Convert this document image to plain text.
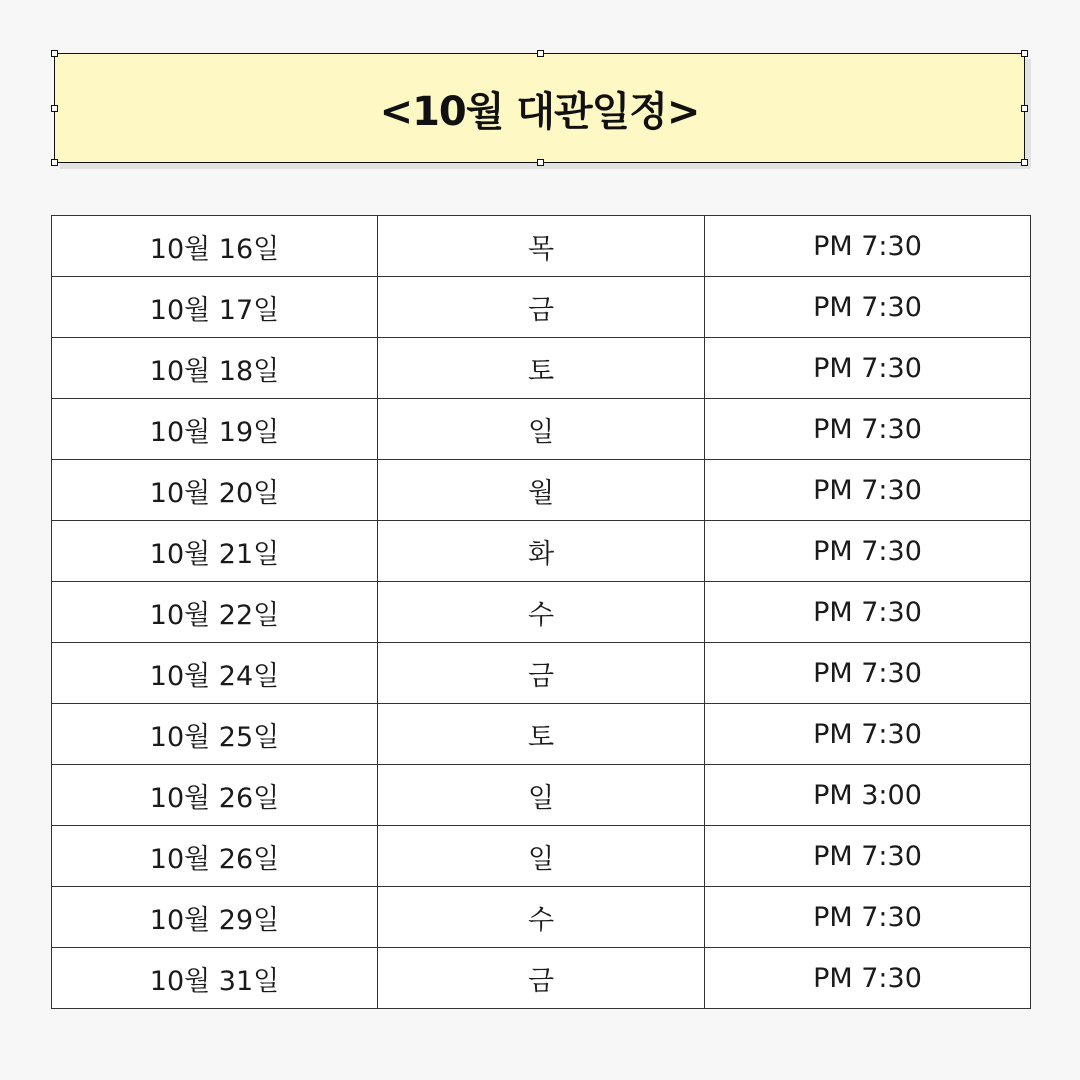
<10월 대관일정>
10월 16일	목	PM 7:30
10월 17일	금	PM 7:30
10월 18일	토	PM 7:30
10월 19일	일	PM 7:30
10월 20일	월	PM 7:30
10월 21일	화	PM 7:30
10월 22일	수	PM 7:30
10월 24일	금	PM 7:30
10월 25일	토	PM 7:30
10월 26일	일	PM 3:00
10월 26일	일	PM 7:30
10월 29일	수	PM 7:30
10월 31일	금	PM 7:30
